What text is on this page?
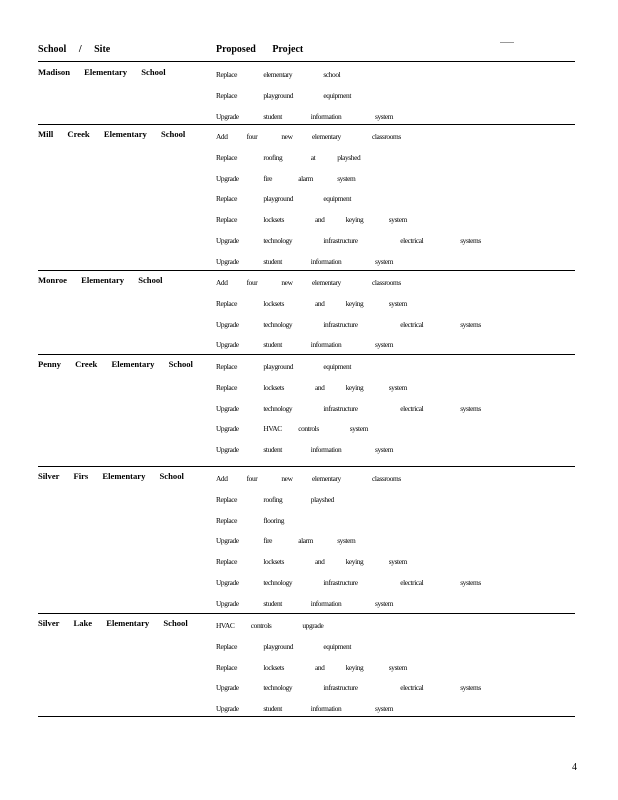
School / Site	Proposed Project
Madison Elementary School	Replace	elementary	school
Replace	playground	equipment
Upgrade	student	information	system
Mill Creek Elementary School	Add	four	new	elementary	classrooms
Replace	roofing	at	playshed
Upgrade	fire	alarm	system
Replace	playground	equipment
Replace	locksets	and	keying	system
Upgrade	technology	infrastructure	electrical	systems
Upgrade	student	information	system
Monroe Elementary School	Add	four	new	elementary	classrooms
Replace	locksets	and	keying	system
Upgrade	technology	infrastructure	electrical	systems
Upgrade	student	information	system
Penny Creek Elementary School	Replace	playground	equipment
Replace	locksets	and	keying	system
Upgrade	technology	infrastructure	electrical	systems
Upgrade	HVAC controls	system
Upgrade	student	information	system
Silver Firs Elementary School	Add	four	new	elementary	classrooms
Replace	roofing	playshed
Replace	flooring
Upgrade	fire	alarm	system
Replace	locksets	and	keying	system
Upgrade	technology	infrastructure	electrical	systems
Upgrade	student	information	system
Silver Lake Elementary School	HVAC controls	upgrade
Replace	playground	equipment
Replace	locksets	and	keying	system
Upgrade	technology	infrastructure	electrical	systems
Upgrade	student	information	system
4
